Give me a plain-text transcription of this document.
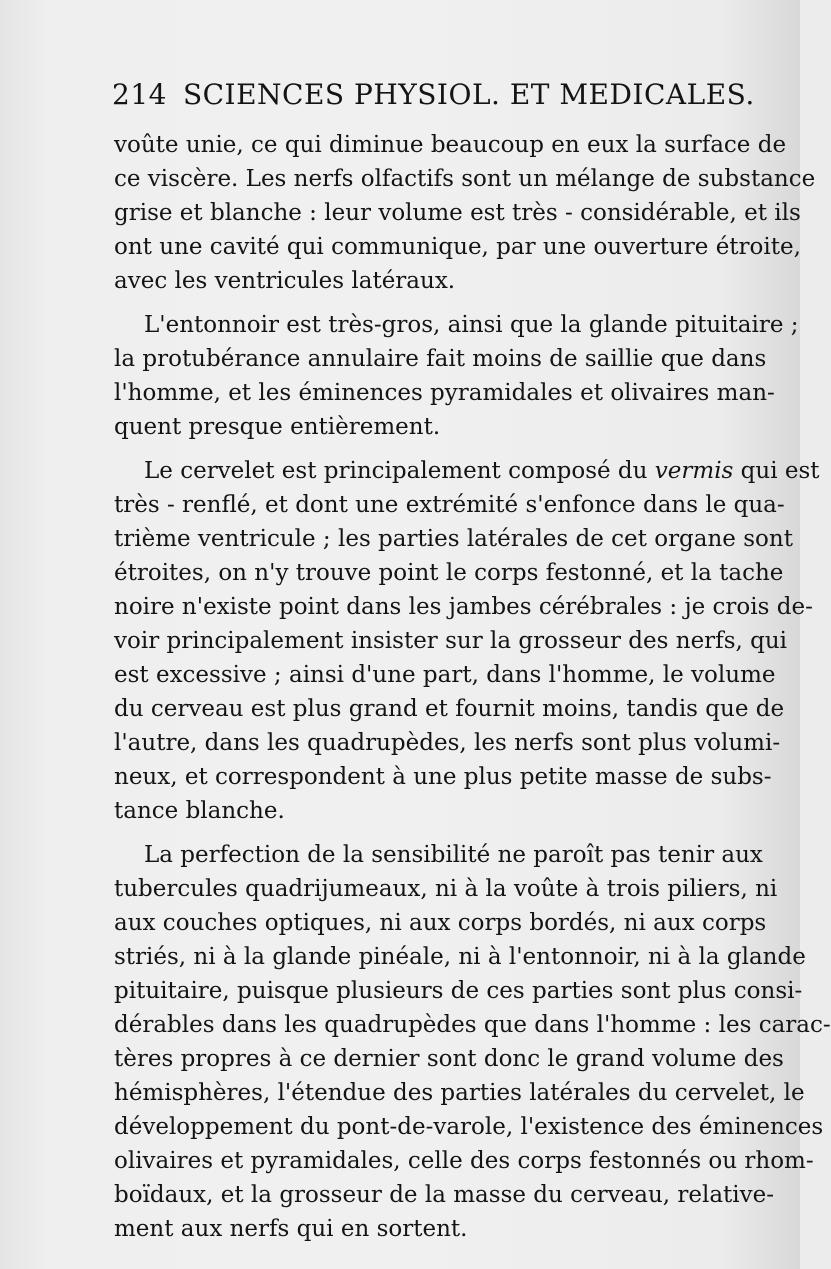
214 SCIENCES PHYSIOL. ET MEDICALES.
voûte unie, ce qui diminue beaucoup en eux la surface de
ce viscère. Les nerfs olfactifs sont un mélange de substance
grise et blanche : leur volume est très - considérable, et ils
ont une cavité qui communique, par une ouverture étroite,
avec les ventricules latéraux.
L'entonnoir est très-gros, ainsi que la glande pituitaire ;
la protubérance annulaire fait moins de saillie que dans
l'homme, et les éminences pyramidales et olivaires man-
quent presque entièrement.
Le cervelet est principalement composé du vermis qui est
très - renflé, et dont une extrémité s'enfonce dans le qua-
trième ventricule ; les parties latérales de cet organe sont
étroites, on n'y trouve point le corps festonné, et la tache
noire n'existe point dans les jambes cérébrales : je crois de-
voir principalement insister sur la grosseur des nerfs, qui
est excessive ; ainsi d'une part, dans l'homme, le volume
du cerveau est plus grand et fournit moins, tandis que de
l'autre, dans les quadrupèdes, les nerfs sont plus volumi-
neux, et correspondent à une plus petite masse de subs-
tance blanche.
La perfection de la sensibilité ne paroît pas tenir aux
tubercules quadrijumeaux, ni à la voûte à trois piliers, ni
aux couches optiques, ni aux corps bordés, ni aux corps
striés, ni à la glande pinéale, ni à l'entonnoir, ni à la glande
pituitaire, puisque plusieurs de ces parties sont plus consi-
dérables dans les quadrupèdes que dans l'homme : les carac-
tères propres à ce dernier sont donc le grand volume des
hémisphères, l'étendue des parties latérales du cervelet, le
développement du pont-de-varole, l'existence des éminences
olivaires et pyramidales, celle des corps festonnés ou rhom-
boïdaux, et la grosseur de la masse du cerveau, relative-
ment aux nerfs qui en sortent.
